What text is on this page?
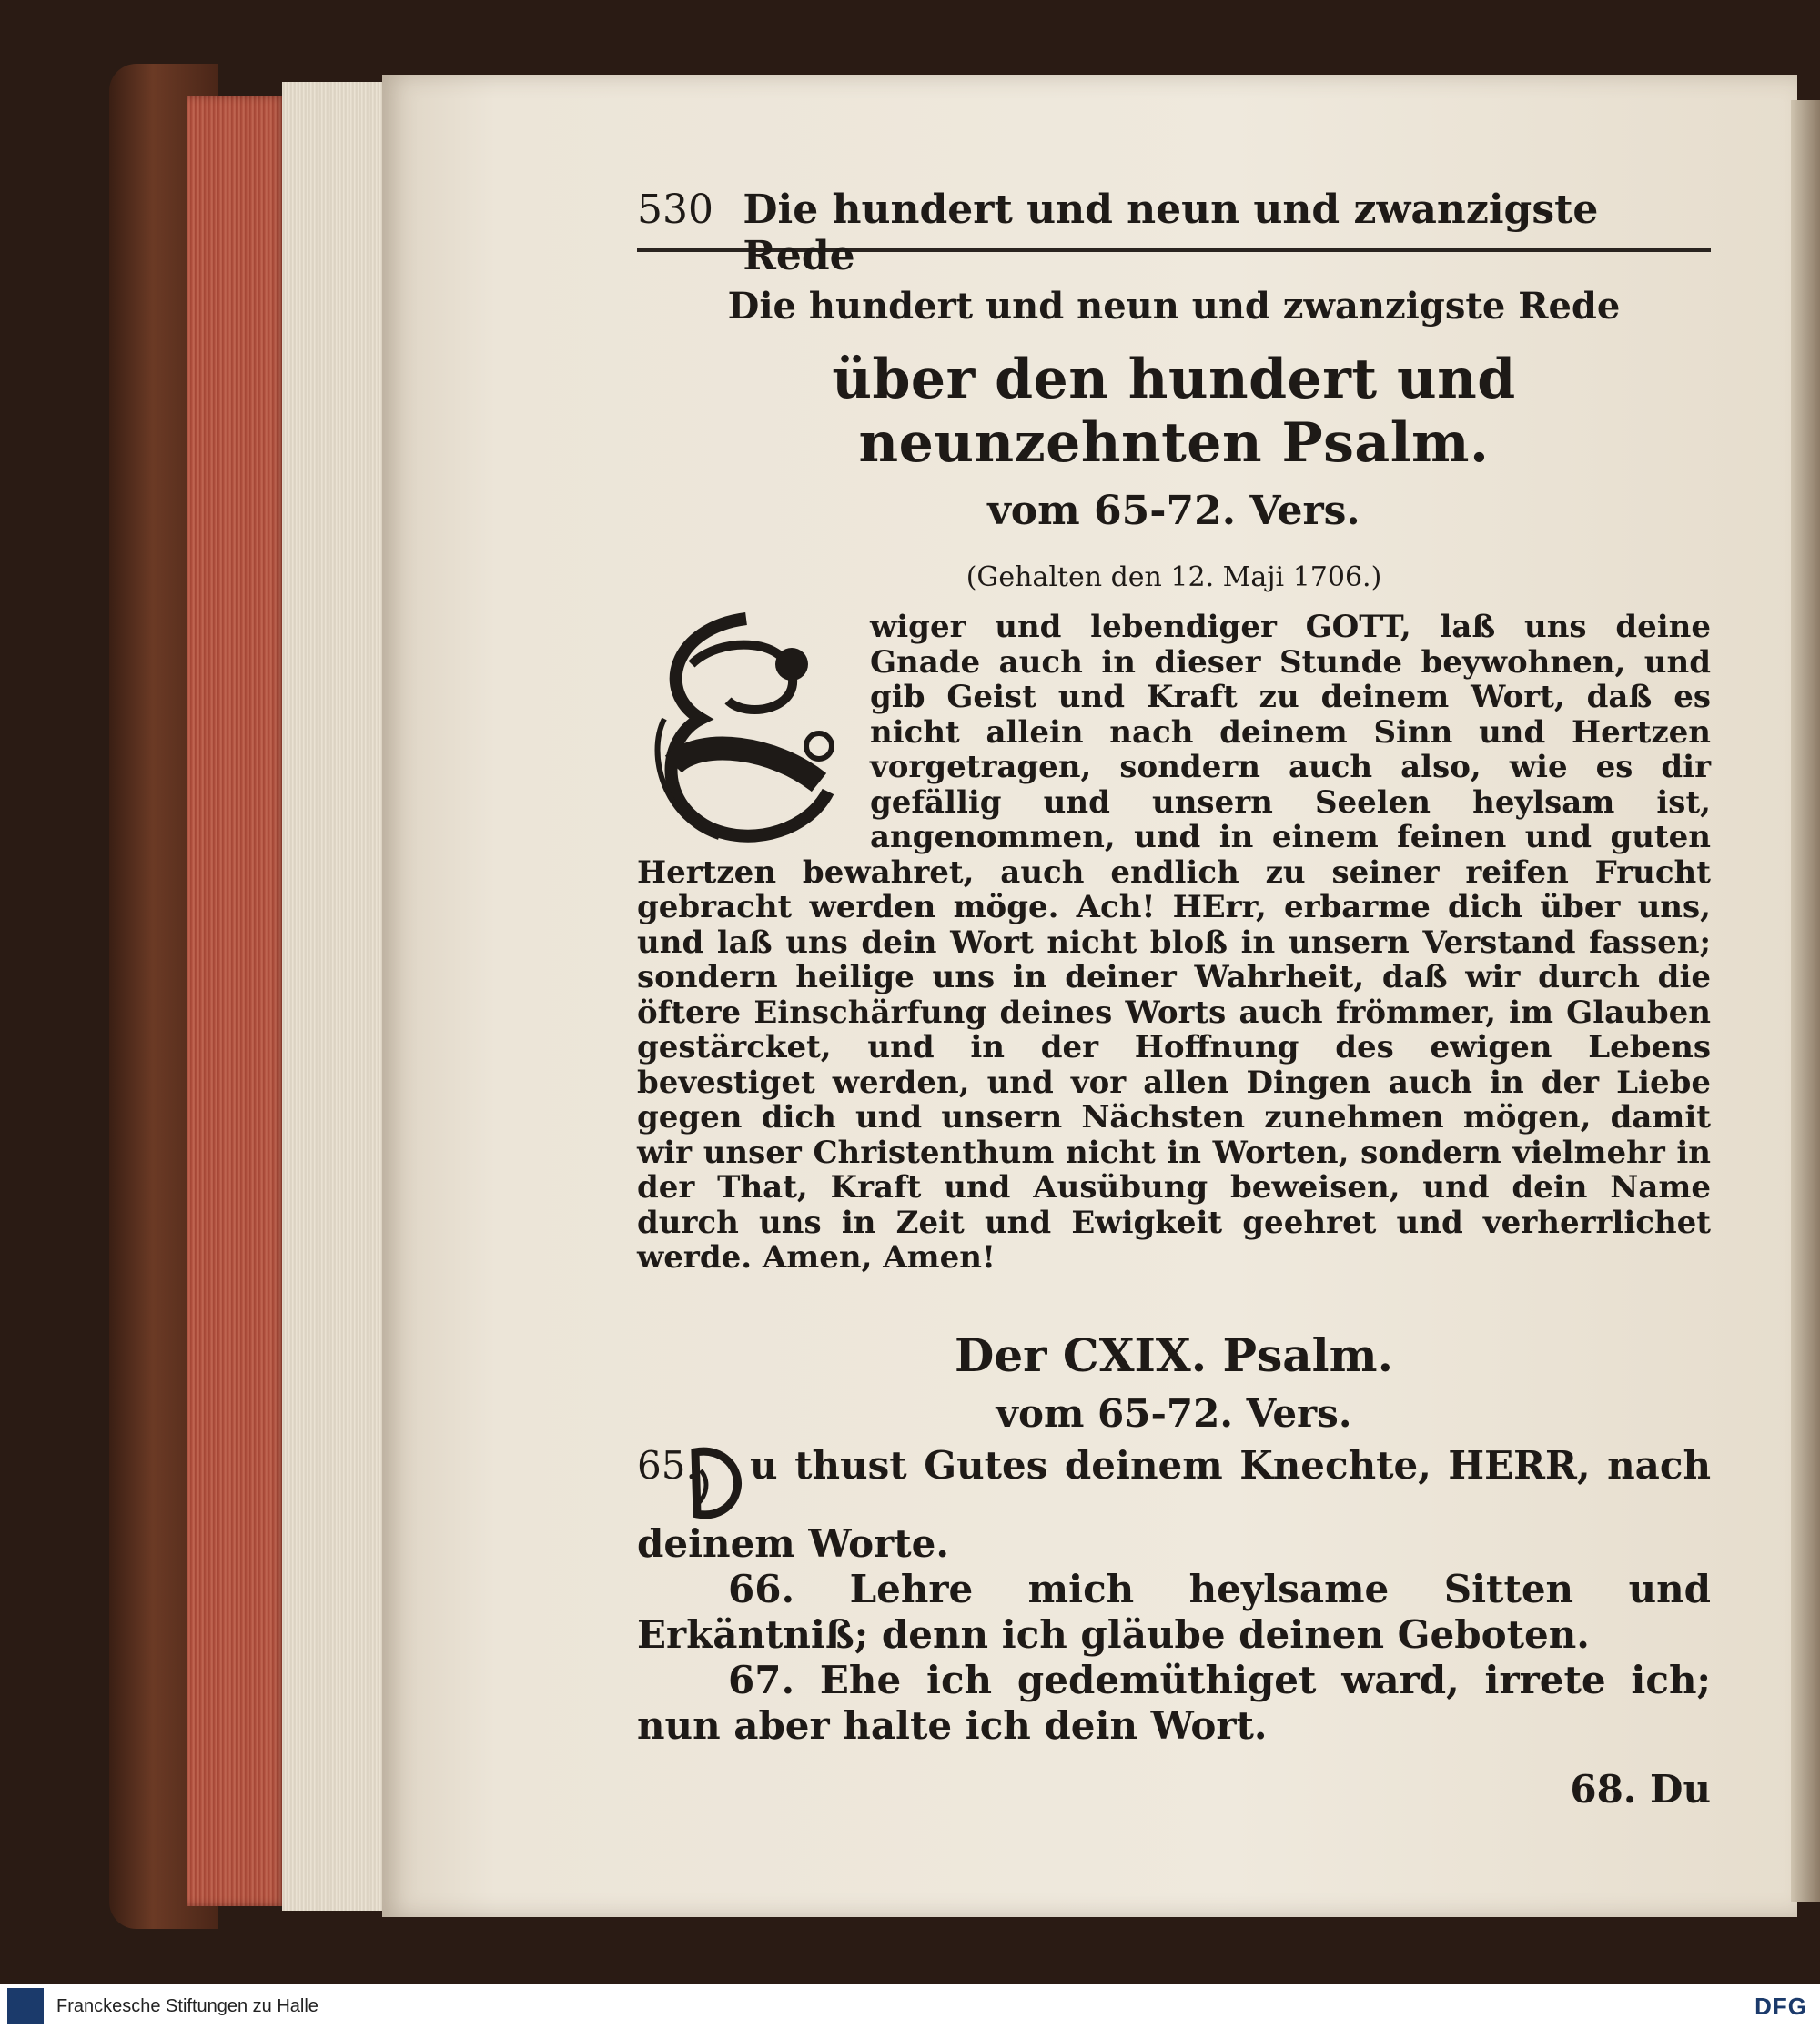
530 Die hundert und neun und zwanzigste Rede
Die hundert und neun und zwanzigste Rede
über den hundert und neunzehnten Psalm.
vom 65-72. Vers.
(Gehalten den 12. Maji 1706.)
wiger und lebendiger GOTT, laß uns deine Gnade auch in dieser Stunde beywohnen, und gib Geist und Kraft zu deinem Wort, daß es nicht allein nach deinem Sinn und Hertzen vorgetragen, sondern auch also, wie es dir gefällig und unsern Seelen heylsam ist, angenommen, und in einem feinen und guten Hertzen bewahret, auch endlich zu seiner reifen Frucht gebracht werden möge. Ach! HErr, erbarme dich über uns, und laß uns dein Wort nicht bloß in unsern Verstand fassen; sondern heilige uns in deiner Wahrheit, daß wir durch die öftere Einschärfung deines Worts auch frömmer, im Glauben gestärcket, und in der Hoffnung des ewigen Lebens bevestiget werden, und vor allen Dingen auch in der Liebe gegen dich und unsern Nächsten zunehmen mögen, damit wir unser Christenthum nicht in Worten, sondern vielmehr in der That, Kraft und Ausübung beweisen, und dein Name durch uns in Zeit und Ewigkeit geehret und verherrlichet werde. Amen, Amen!
Der CXIX. Psalm.
vom 65-72. Vers.
65. u thust Gutes deinem Knechte, HERR, nach deinem Worte.
66. Lehre mich heylsame Sitten und Erkäntniß; denn ich gläube deinen Geboten.
67. Ehe ich gedemüthiget ward, irrete ich; nun aber halte ich dein Wort.
68. Du
Franckesche Stiftungen zu Halle	DFG
